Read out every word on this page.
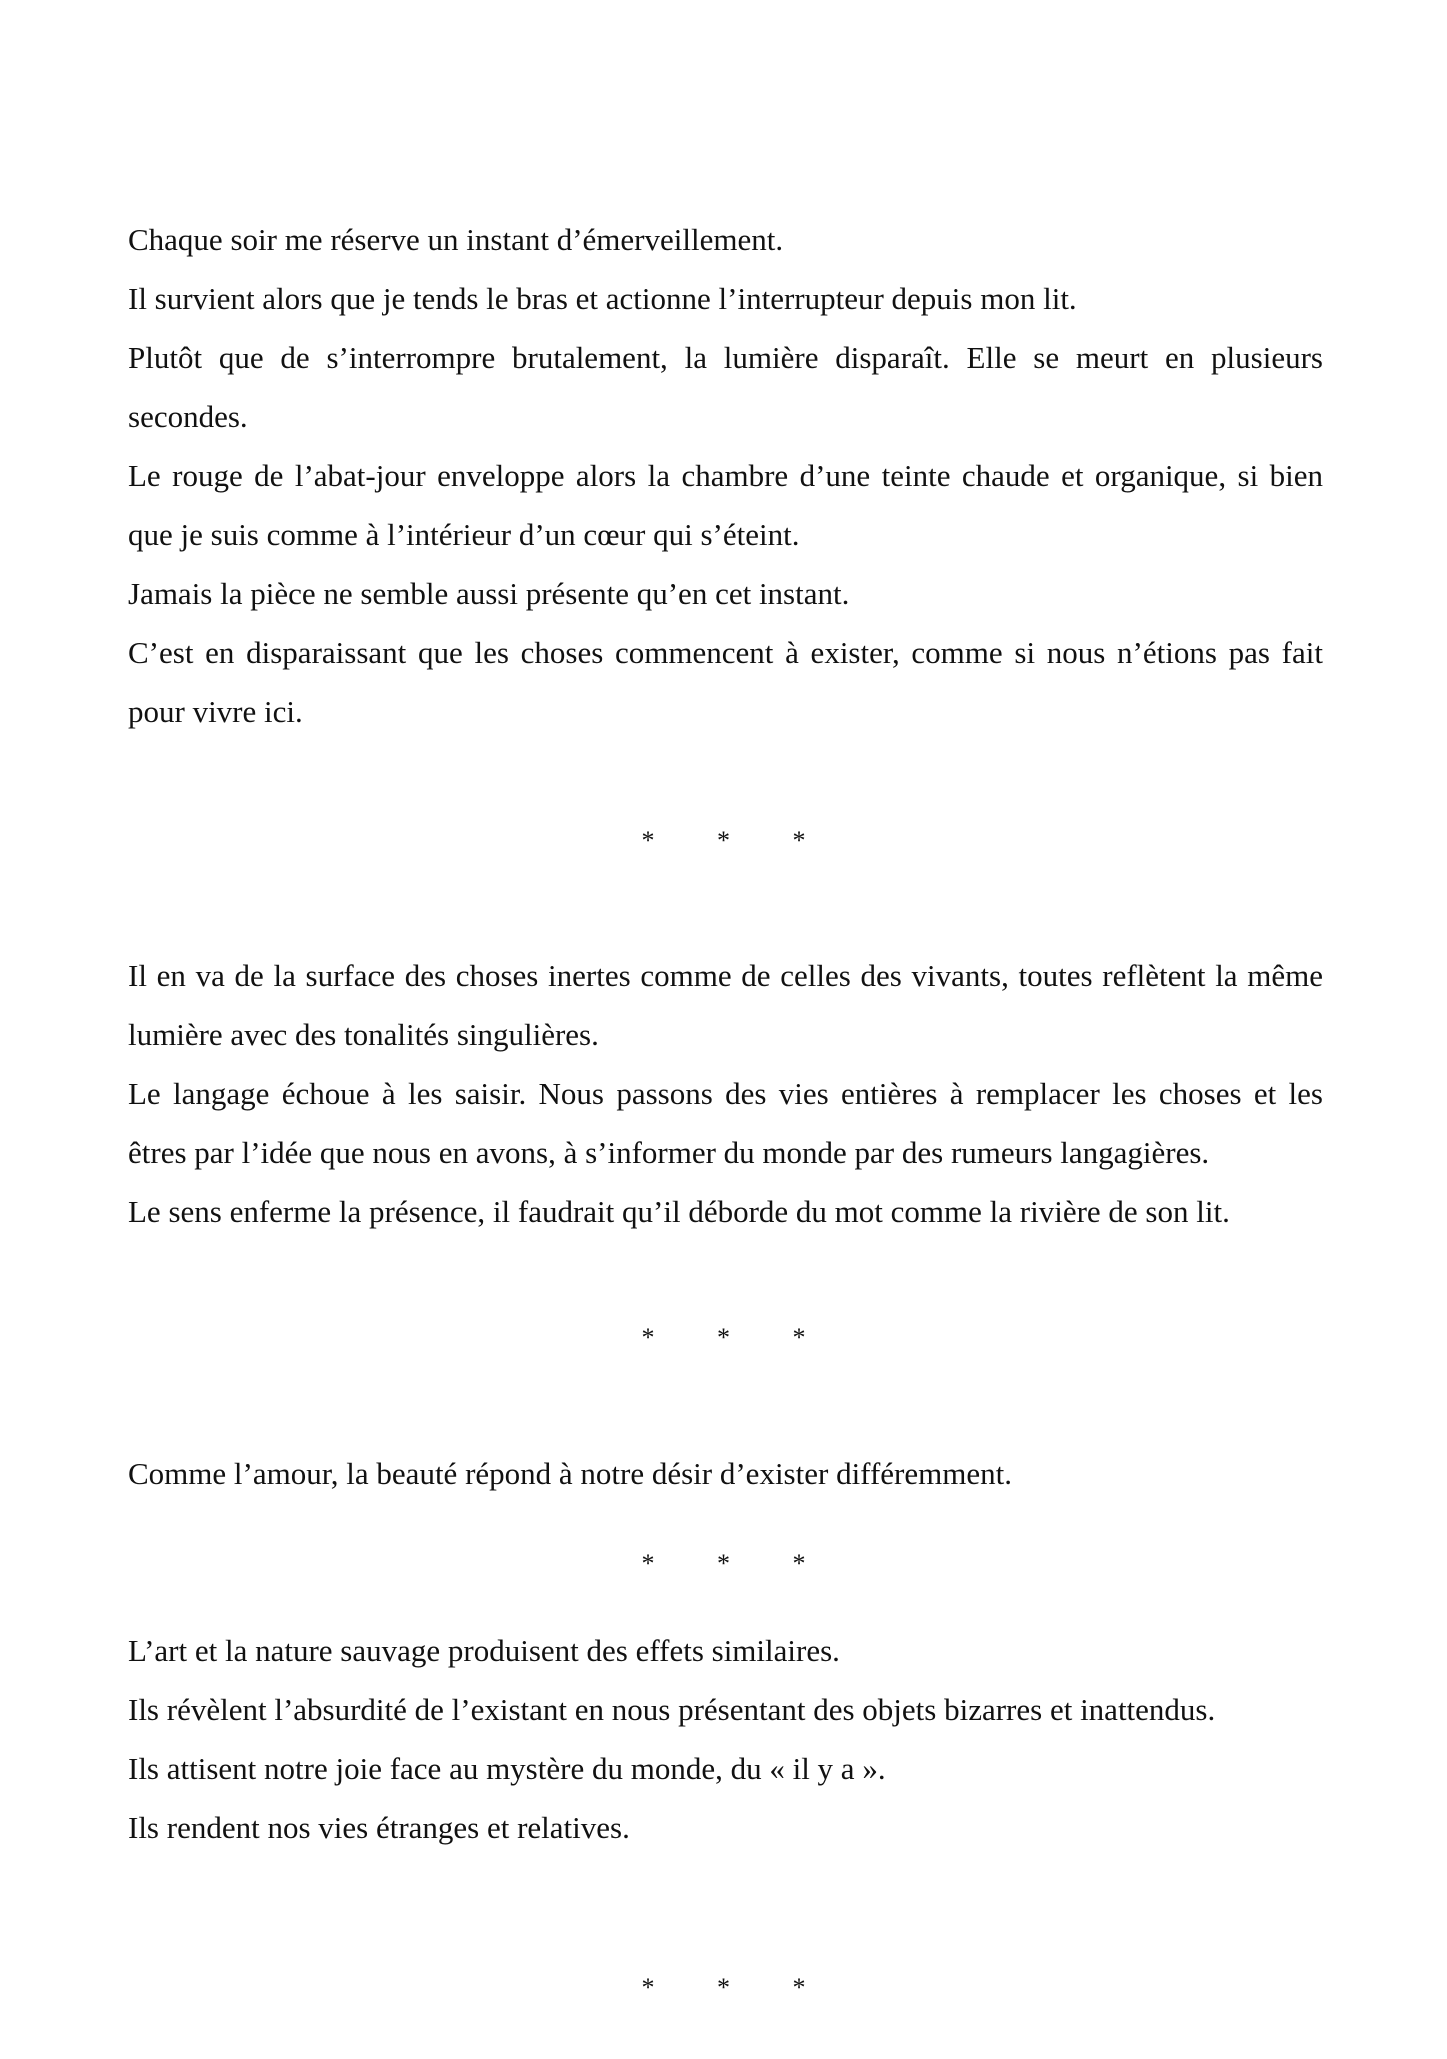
Chaque soir me réserve un instant d’émerveillement.

Il survient alors que je tends le bras et actionne l’interrupteur depuis mon lit.

Plutôt que de s’interrompre brutalement, la lumière disparaît. Elle se meurt en plusieurs

secondes.

Le rouge de l’abat-jour enveloppe alors la chambre d’une teinte chaude et organique, si bien

que je suis comme à l’intérieur d’un cœur qui s’éteint.

Jamais la pièce ne semble aussi présente qu’en cet instant.

C’est en disparaissant que les choses commencent à exister, comme si nous n’étions pas fait

pour vivre ici.

* * *

Il en va de la surface des choses inertes comme de celles des vivants, toutes reflètent la même

lumière avec des tonalités singulières.

Le langage échoue à les saisir. Nous passons des vies entières à remplacer les choses et les

êtres par l’idée que nous en avons, à s’informer du monde par des rumeurs langagières.

Le sens enferme la présence, il faudrait qu’il déborde du mot comme la rivière de son lit.

* * *

Comme l’amour, la beauté répond à notre désir d’exister différemment.

* * *

L’art et la nature sauvage produisent des effets similaires.

Ils révèlent l’absurdité de l’existant en nous présentant des objets bizarres et inattendus.

Ils attisent notre joie face au mystère du monde, du « il y a ».

Ils rendent nos vies étranges et relatives.

* * *
